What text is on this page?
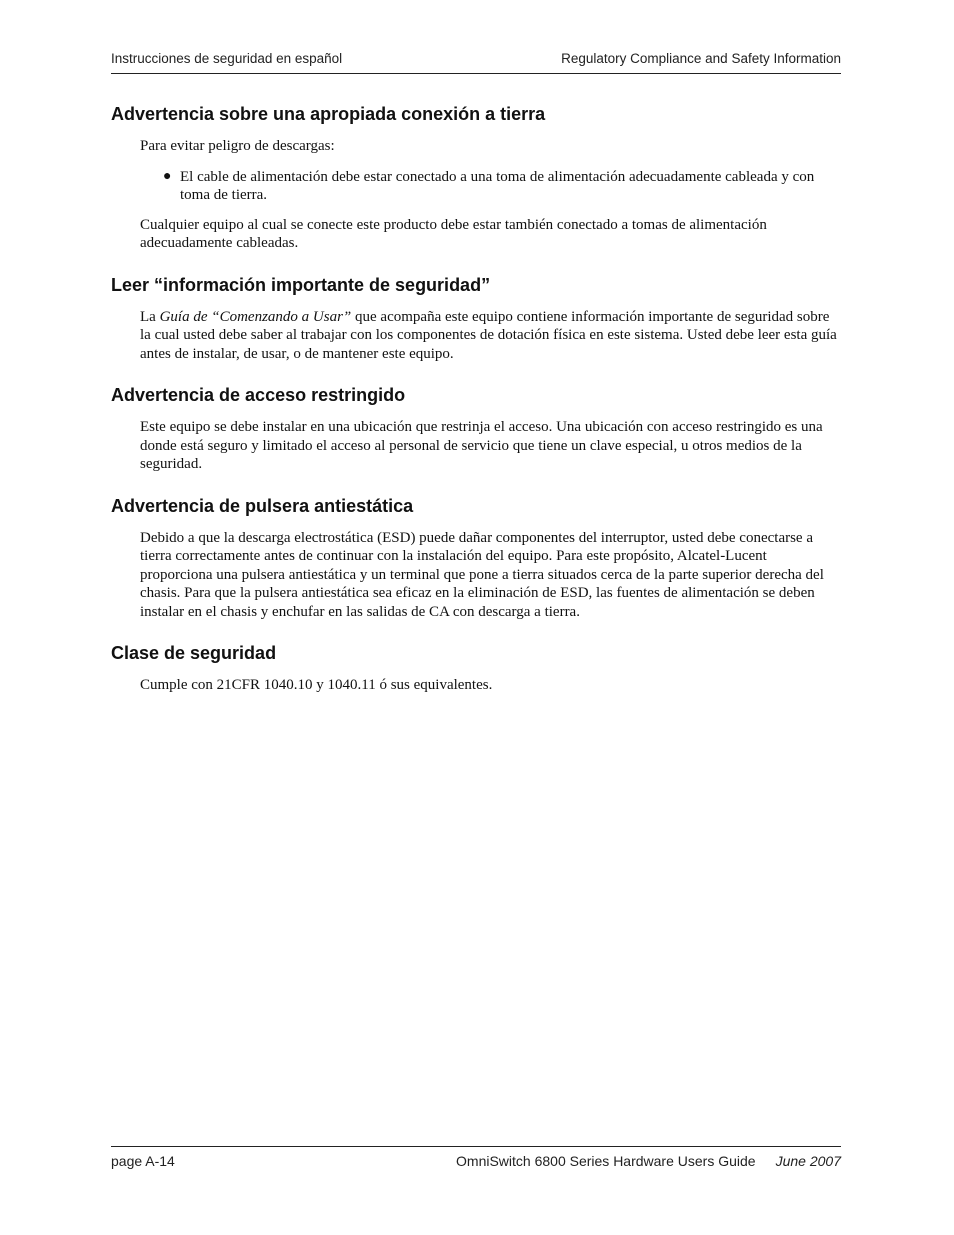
Instrucciones de seguridad en español	Regulatory Compliance and Safety Information
Advertencia sobre una apropiada conexión a tierra

Para evitar peligro de descargas:

● El cable de alimentación debe estar conectado a una toma de alimentación adecuadamente cableada y con toma de tierra.

Cualquier equipo al cual se conecte este producto debe estar también conectado a tomas de alimentación adecuadamente cableadas.

Leer “información importante de seguridad”

La Guía de “Comenzando a Usar” que acompaña este equipo contiene información importante de seguridad sobre la cual usted debe saber al trabajar con los componentes de dotación física en este sistema. Usted debe leer esta guía antes de instalar, de usar, o de mantener este equipo.

Advertencia de acceso restringido

Este equipo se debe instalar en una ubicación que restrinja el acceso. Una ubicación con acceso restringido es una donde está seguro y limitado el acceso al personal de servicio que tiene un clave especial, u otros medios de la seguridad.

Advertencia de pulsera antiestática

Debido a que la descarga electrostática (ESD) puede dañar componentes del interruptor, usted debe conectarse a tierra correctamente antes de continuar con la instalación del equipo. Para este propósito, Alcatel-Lucent proporciona una pulsera antiestática y un terminal que pone a tierra situados cerca de la parte superior derecha del chasis. Para que la pulsera antiestática sea eficaz en la eliminación de ESD, las fuentes de alimentación se deben instalar en el chasis y enchufar en las salidas de CA con descarga a tierra.

Clase de seguridad

Cumple con 21CFR 1040.10 y 1040.11 ó sus equivalentes.

page A-14	OmniSwitch 6800 Series Hardware Users Guide June 2007
